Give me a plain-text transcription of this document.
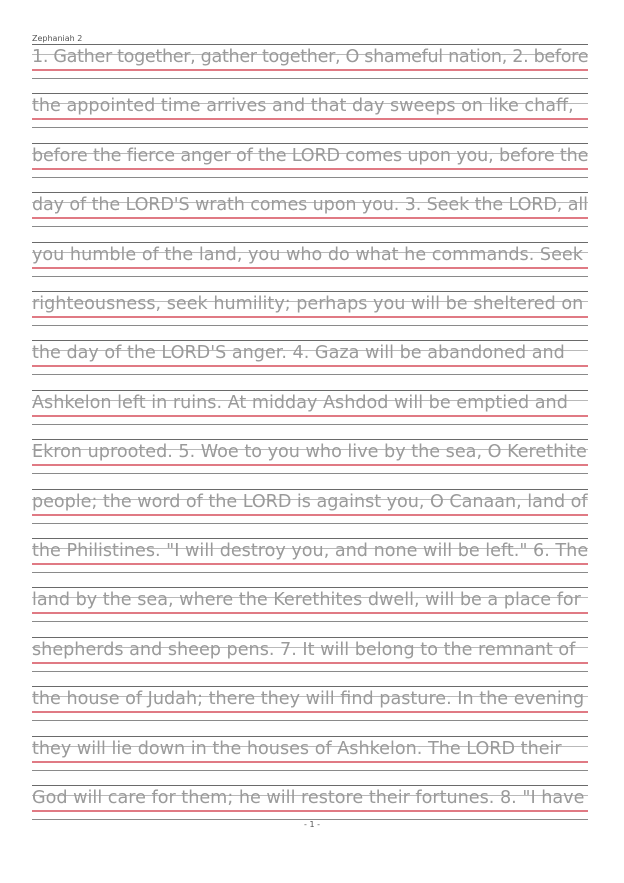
Zephaniah 2
1. Gather together, gather together, O shameful nation, 2. before
the appointed time arrives and that day sweeps on like chaff,
before the fierce anger of the LORD comes upon you, before the
day of the LORD'S wrath comes upon you. 3. Seek the LORD, all
you humble of the land, you who do what he commands. Seek
righteousness, seek humility; perhaps you will be sheltered on
the day of the LORD'S anger. 4. Gaza will be abandoned and
Ashkelon left in ruins. At midday Ashdod will be emptied and
Ekron uprooted. 5. Woe to you who live by the sea, O Kerethite
people; the word of the LORD is against you, O Canaan, land of
the Philistines. "I will destroy you, and none will be left." 6. The
land by the sea, where the Kerethites dwell, will be a place for
shepherds and sheep pens. 7. It will belong to the remnant of
the house of Judah; there they will find pasture. In the evening
they will lie down in the houses of Ashkelon. The LORD their
God will care for them; he will restore their fortunes. 8. "I have
- 1 -
